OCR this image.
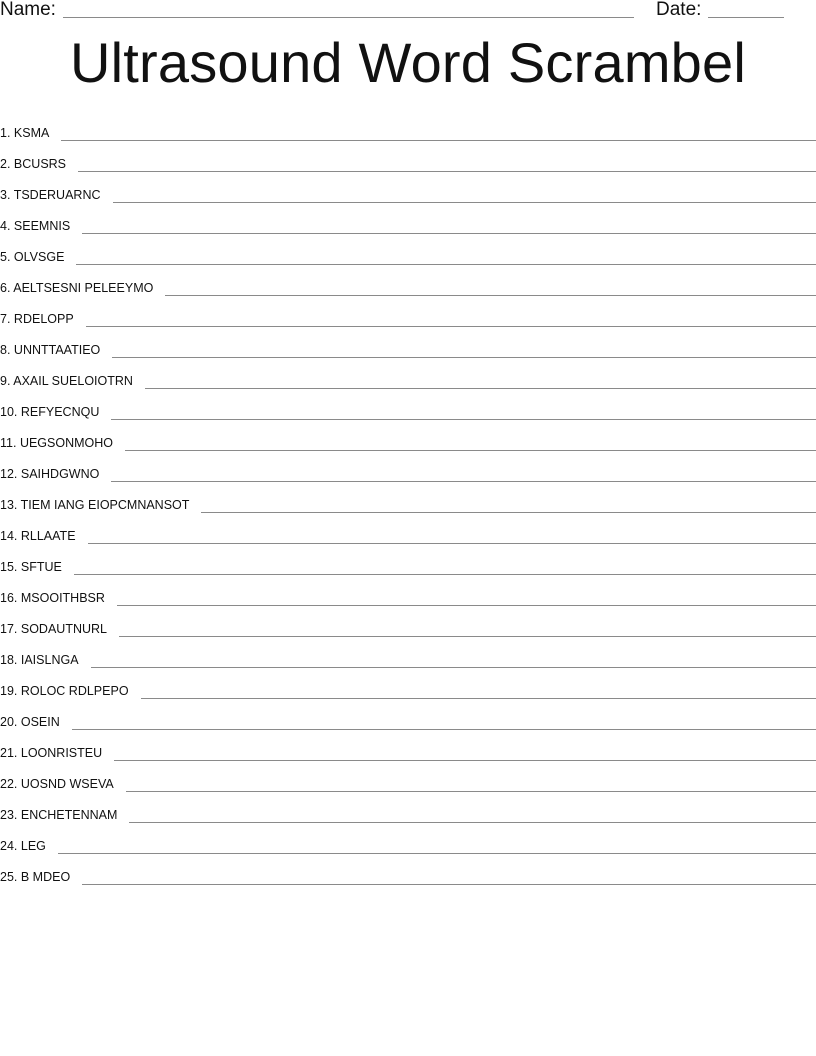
Name:	Date:
Ultrasound Word Scrambel
1. KSMA
2. BCUSRS
3. TSDERUARNC
4. SEEMNIS
5. OLVSGE
6. AELTSESNI PELEEYMO
7. RDELOPP
8. UNNTTAATIEO
9. AXAIL SUELOIOTRN
10. REFYECNQU
11. UEGSONMOHO
12. SAIHDGWNO
13. TIEM IANG EIOPCMNANSOT
14. RLLAATE
15. SFTUE
16. MSOOITHBSR
17. SODAUTNURL
18. IAISLNGA
19. ROLOC RDLPEPO
20. OSEIN
21. LOONRISTEU
22. UOSND WSEVA
23. ENCHETENNAM
24. LEG
25. B MDEO
